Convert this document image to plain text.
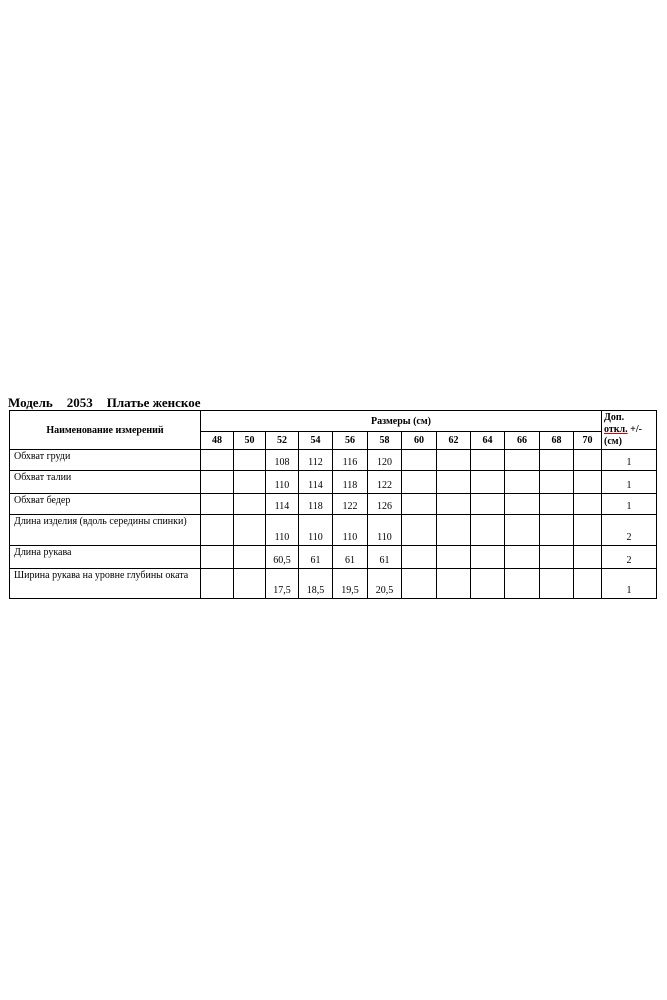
Модель 2053 Платье женское
Наименование измерений	Размеры (см)												Доп.
откл. +/-
(см)

	48	50	52	54	56	58	60	62	64	66	68	70	
Обхват груди			108	112	116	120							1
Обхват талии			110	114	118	122							1
Обхват бедер			114	118	122	126							1
Длина изделия (вдоль середины спинки)			110	110	110	110							2
Длина рукава			60,5	61	61	61							2
Ширина рукава на уровне глубины оката			17,5	18,5	19,5	20,5							1
